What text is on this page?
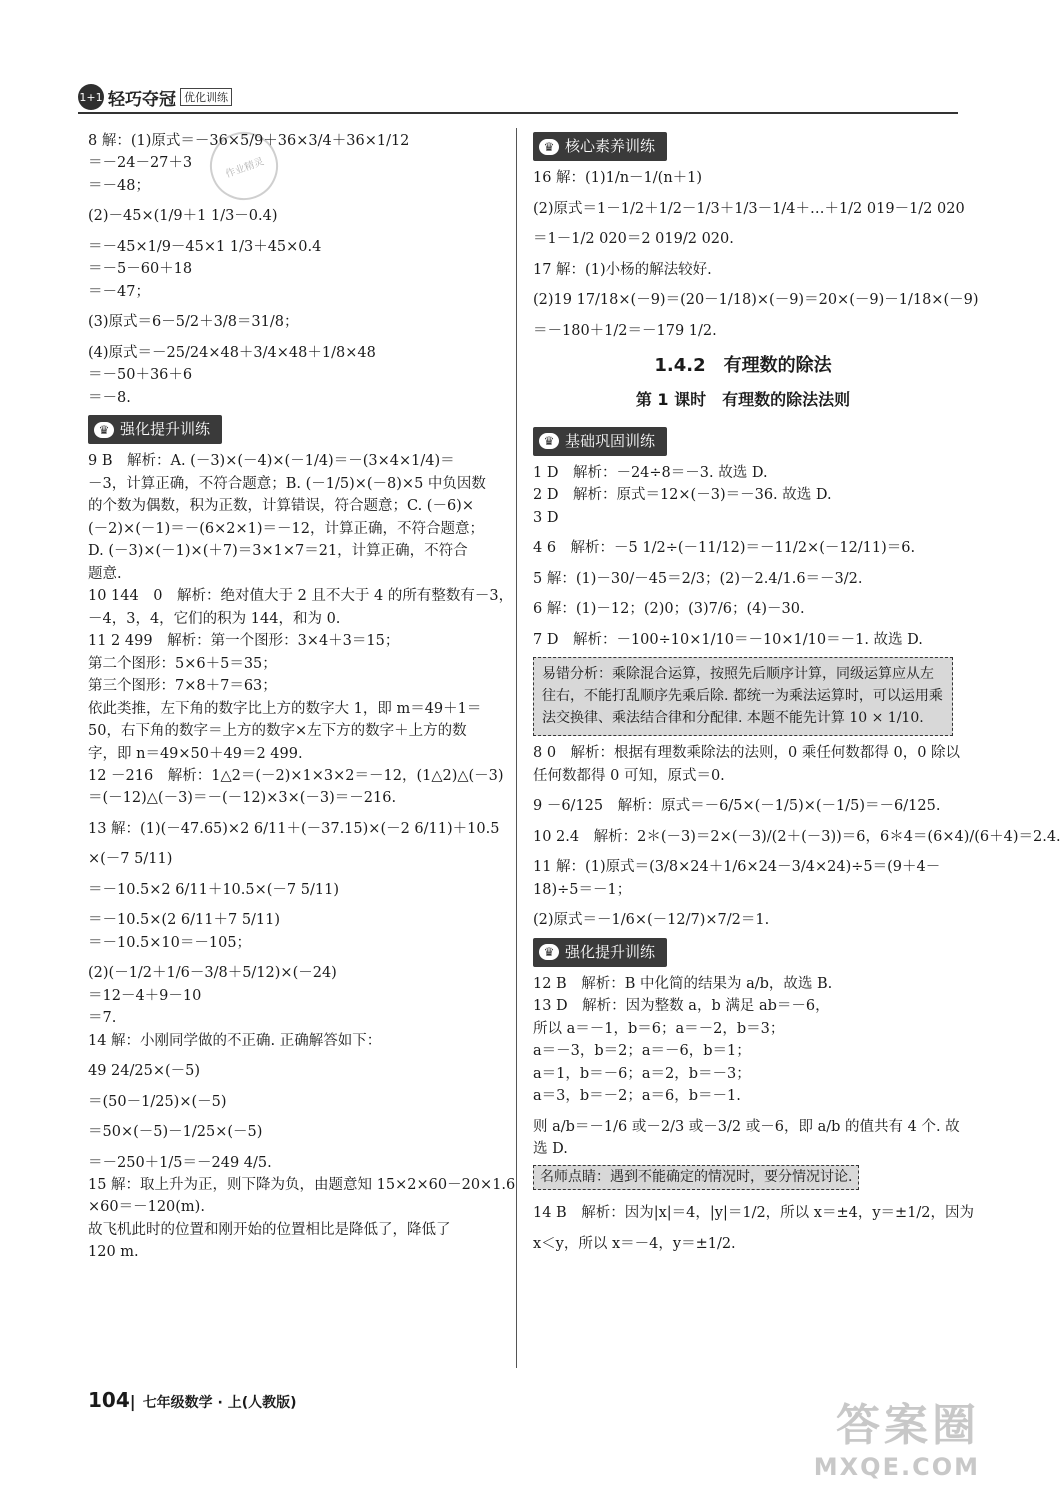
1+1 轻巧夺冠 优化训练
作业精灵
8 解：(1)原式＝－36×5/9＋36×3/4＋36×1/12
＝－24－27＋3
＝－48；
(2)－45×(1/9＋1 1/3－0.4)
＝－45×1/9－45×1 1/3＋45×0.4
＝－5－60＋18
＝－47；
(3)原式＝6－5/2＋3/8＝31/8；
(4)原式＝－25/24×48＋3/4×48＋1/8×48
＝－50＋36＋6
＝－8.
♛ 强化提升训练
9 B　解析：A. (－3)×(－4)×(－1/4)＝－(3×4×1/4)＝
－3，计算正确，不符合题意；B. (－1/5)×(－8)×5 中负因数
的个数为偶数，积为正数，计算错误，符合题意；C. (－6)×
(－2)×(－1)＝－(6×2×1)＝－12，计算正确，不符合题意；
D. (－3)×(－1)×(＋7)＝3×1×7＝21，计算正确，不符合
题意.
10 144　0　解析：绝对值大于 2 且不大于 4 的所有整数有－3，
－4，3，4，它们的积为 144，和为 0.
11 2 499　解析：第一个图形：3×4＋3＝15；
第二个图形：5×6＋5＝35；
第三个图形：7×8＋7＝63；
依此类推，左下角的数字比上方的数字大 1，即 m＝49＋1＝
50，右下角的数字＝上方的数字×左下方的数字＋上方的数
字，即 n＝49×50＋49＝2 499.
12 －216　解析：1△2＝(－2)×1×3×2＝－12，(1△2)△(－3)
＝(－12)△(－3)＝－(－12)×3×(－3)＝－216.
13 解：(1)(－47.65)×2 6/11＋(－37.15)×(－2 6/11)＋10.5
×(－7 5/11)
＝－10.5×2 6/11＋10.5×(－7 5/11)
＝－10.5×(2 6/11＋7 5/11)
＝－10.5×10＝－105；
(2)(－1/2＋1/6－3/8＋5/12)×(－24)
＝12－4＋9－10
＝7.
14 解：小刚同学做的不正确. 正确解答如下：
49 24/25×(－5)
＝(50－1/25)×(－5)
＝50×(－5)－1/25×(－5)
＝－250＋1/5＝－249 4/5.
15 解：取上升为正，则下降为负，由题意知 15×2×60－20×1.6
×60＝－120(m).
故飞机此时的位置和刚开始的位置相比是降低了，降低了
120 m.
♛ 核心素养训练
16 解：(1)1/n－1/(n＋1)
(2)原式＝1－1/2＋1/2－1/3＋1/3－1/4＋…＋1/2 019－1/2 020
＝1－1/2 020＝2 019/2 020.
17 解：(1)小杨的解法较好.
(2)19 17/18×(－9)＝(20－1/18)×(－9)＝20×(－9)－1/18×(－9)
＝－180＋1/2＝－179 1/2.
1.4.2　有理数的除法
第 1 课时　有理数的除法法则
♛ 基础巩固训练
1 D　解析：－24÷8＝－3. 故选 D.
2 D　解析：原式＝12×(－3)＝－36. 故选 D.
3 D
4 6　解析：－5 1/2÷(－11/12)＝－11/2×(－12/11)＝6.
5 解：(1)－30/－45＝2/3；(2)－2.4/1.6＝－3/2.
6 解：(1)－12；(2)0；(3)7/6；(4)－30.
7 D　解析：－100÷10×1/10＝－10×1/10＝－1. 故选 D.
易错分析：乘除混合运算，按照先后顺序计算，同级运算应从左往右，不能打乱顺序先乘后除. 都统一为乘法运算时，可以运用乘法交换律、乘法结合律和分配律. 本题不能先计算 10 × 1/10.
8 0　解析：根据有理数乘除法的法则，0 乘任何数都得 0，0 除以
任何数都得 0 可知，原式＝0.
9 －6/125　解析：原式＝－6/5×(－1/5)×(－1/5)＝－6/125.
10 2.4　解析：2＊(－3)＝2×(－3)/(2＋(－3))＝6，6＊4＝(6×4)/(6＋4)＝2.4.
11 解：(1)原式＝(3/8×24＋1/6×24－3/4×24)÷5＝(9＋4－
18)÷5＝－1；
(2)原式＝－1/6×(－12/7)×7/2＝1.
♛ 强化提升训练
12 B　解析：B 中化简的结果为 a/b，故选 B.
13 D　解析：因为整数 a，b 满足 ab＝－6，
所以 a＝－1，b＝6；a＝－2，b＝3；
a＝－3，b＝2；a＝－6，b＝1；
a＝1，b＝－6；a＝2，b＝－3；
a＝3，b＝－2；a＝6，b＝－1.
则 a/b＝－1/6 或－2/3 或－3/2 或－6，即 a/b 的值共有 4 个. 故
选 D.
名师点睛：遇到不能确定的情况时，要分情况讨论.
14 B　解析：因为|x|＝4，|y|＝1/2，所以 x＝±4，y＝±1/2，因为
x＜y，所以 x＝－4，y＝±1/2.
104| 七年级数学 · 上(人教版)	答案圈
MXQE.COM
